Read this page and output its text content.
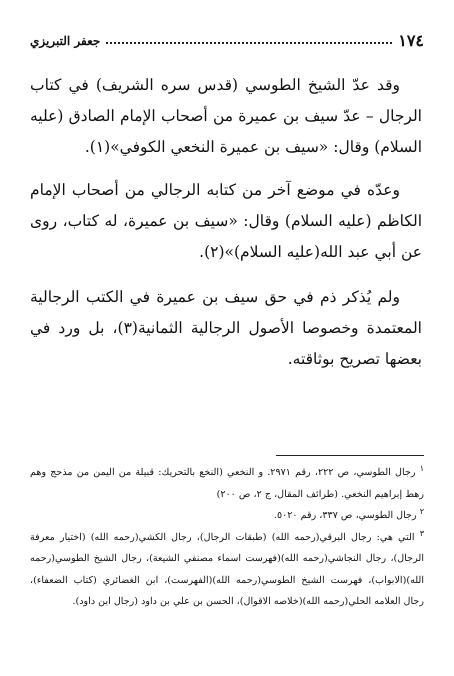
جعفر التبريزي	١٧٤

وقد عدّ الشيخ الطوسي (قدس سره الشريف) في كتاب الرجال – عدّ سيف بن عميرة من أصحاب الإمام الصادق (عليه السلام) وقال: «سيف بن عميرة النخعي الكوفي»(١).

وعدّه في موضع آخر من كتابه الرجالي من أصحاب الإمام الكاظم (عليه السلام) وقال: «سيف بن عميرة، له كتاب، روى عن أبي عبد الله(عليه السلام)»(٢).

ولم يُذكر ذم في حق سيف بن عميرة في الكتب الرجالية المعتمدة وخصوصا الأصول الرجالية الثمانية(٣)، بل ورد في بعضها تصريح بوثاقته.

$^١$ رجال الطوسي، ص ٢٢٢، رقم ٢٩٧١. و النخعي (النخع بالتحريك: قبيلة من اليمن من مذحج وهم رهط إبراهيم النخعي. (طرائف المقال، ج ٢، ص ٢٠٠)

$^٢$ رجال الطوسي، ص ٣٣٧، رقم ٥٠٢٠.

$^٣$ التي هي: رجال البرقي(رحمه الله) (طبقات الرجال)، رجال الكشي(رحمه الله) (اختيار معرفة الرجال)، رجال النجاشي(رحمه الله)(فهرست اسماء مصنفي الشيعة)، رجال الشيخ الطوسي(رحمه الله)(الابواب)، فهرست الشيخ الطوسي(رحمه الله)(الفهرست)، ابن الغضائري (كتاب الضعفاء)، رجال العلامه الحلي(رحمه الله)(خلاصه الاقوال)، الحسن بن علي بن داود (رجال ابن داود).
